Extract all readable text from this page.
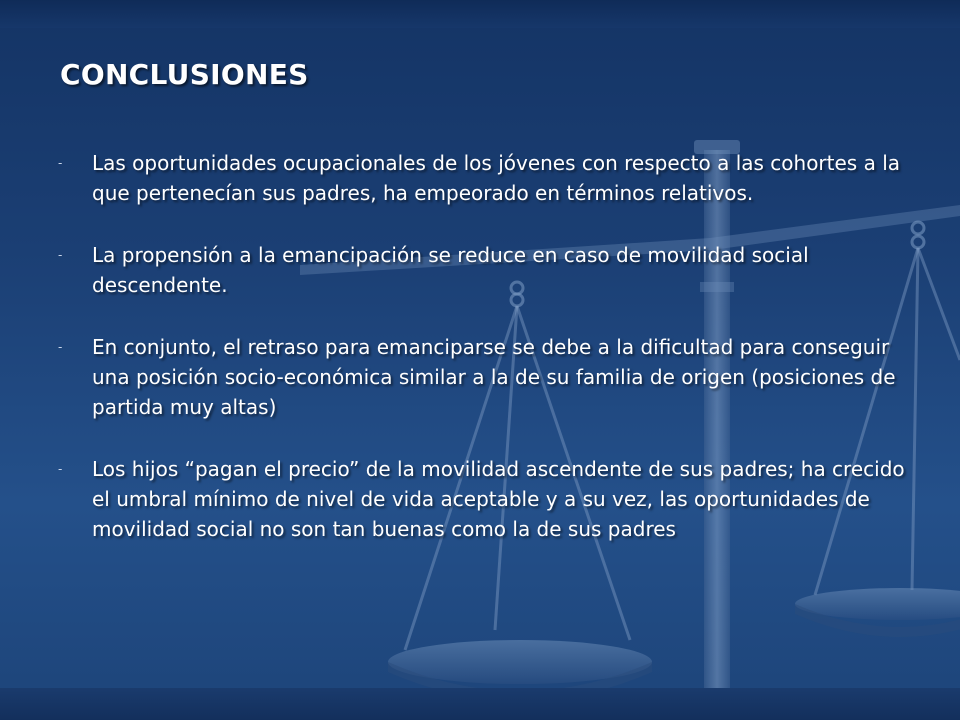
CONCLUSIONES
- Las oportunidades ocupacionales de los jóvenes con respecto a las cohortes a la que pertenecían sus padres, ha empeorado en términos relativos.
- La propensión a la emancipación se reduce en caso de movilidad social descendente.
- En conjunto, el retraso para emanciparse se debe a la dificultad para conseguir una posición socio-económica similar a la de su familia de origen (posiciones de partida muy altas)
- Los hijos “pagan el precio” de la movilidad ascendente de sus padres; ha crecido el umbral mínimo de nivel de vida aceptable y a su vez, las oportunidades de movilidad social no son tan buenas como la de sus padres
